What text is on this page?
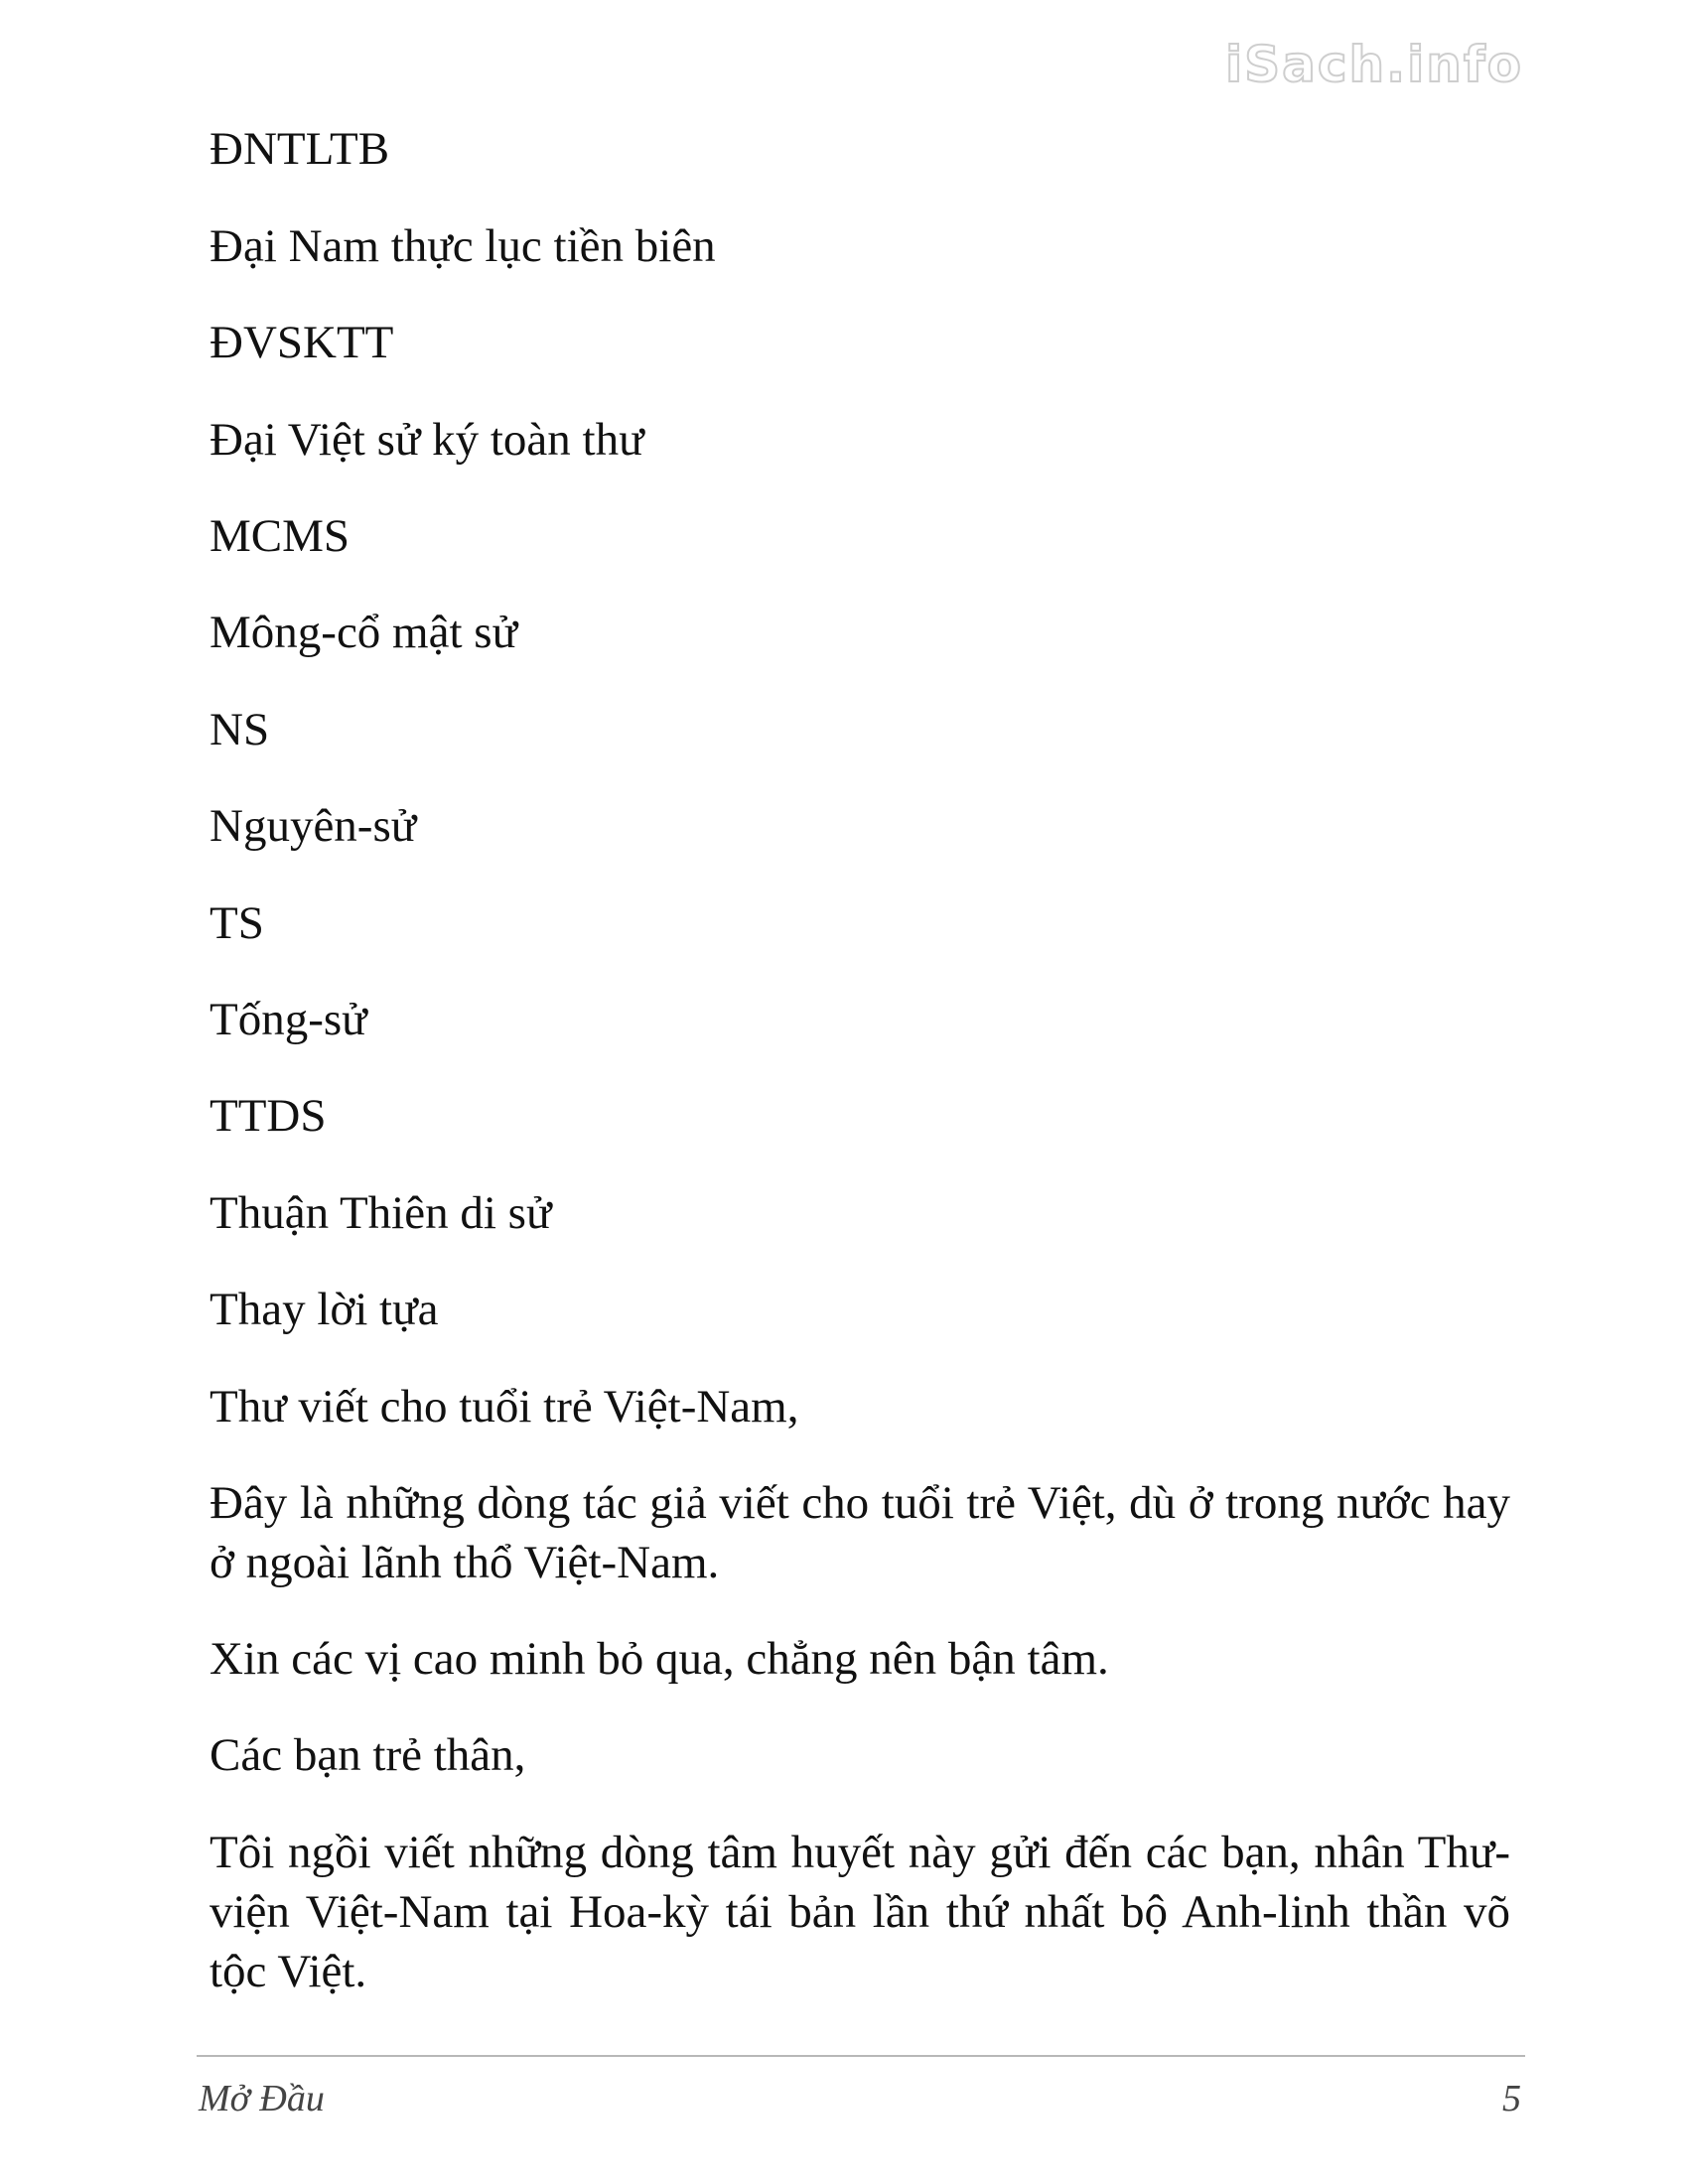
iSach.info
ĐNTLTB
Đại Nam thực lục tiền biên
ĐVSKTT
Đại Việt sử ký toàn thư
MCMS
Mông-cổ mật sử
NS
Nguyên-sử
TS
Tống-sử
TTDS
Thuận Thiên di sử
Thay lời tựa
Thư viết cho tuổi trẻ Việt-Nam,
Đây là những dòng tác giả viết cho tuổi trẻ Việt, dù ở trong nước hay ở ngoài lãnh thổ Việt-Nam.
Xin các vị cao minh bỏ qua, chẳng nên bận tâm.
Các bạn trẻ thân,
Tôi ngồi viết những dòng tâm huyết này gửi đến các bạn, nhân Thư-viện Việt-Nam tại Hoa-kỳ tái bản lần thứ nhất bộ Anh-linh thần võ tộc Việt.
Mở Đầu	5
